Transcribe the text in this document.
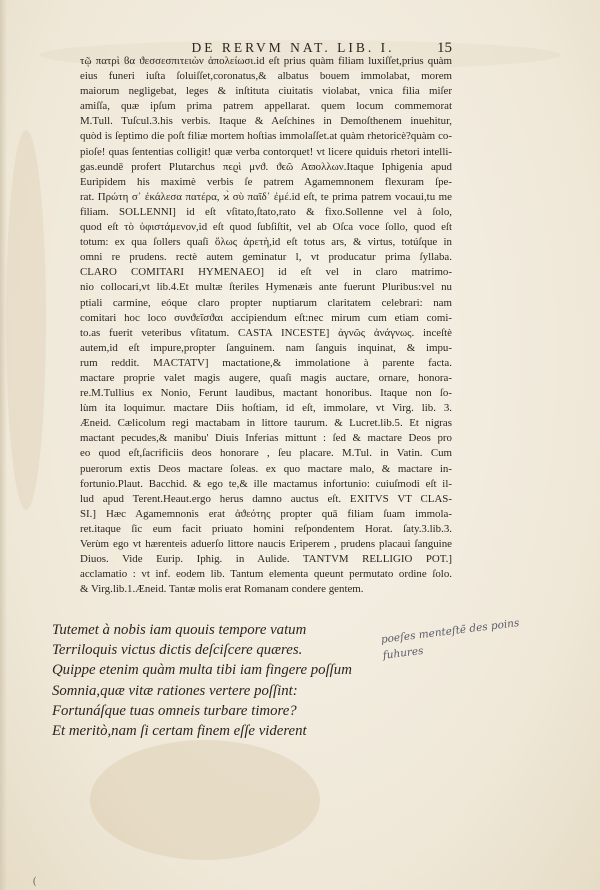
DE RERVM NAT. LIB. I.	15
τῷ πατρὶ ϐα ϑεσσεσπιτειὼν ἀπολείωσι.id eſt prius quàm filiam luxiſſet,prius quàm
eius funeri iuſta ſoluiſſet,coronatus,& albatus bouem immolabat, morem
maiorum negligebat, leges & inſtituta ciuitatis violabat, vnica filia miſer
amiſſa, quæ ipſum prima patrem appellarat. quem locum commemorat
M.Tull. Tuſcul.3.his verbis. Itaque & Aeſchines in Demoſthenem inuehitur,
quòd is ſeptimo die poſt filiæ mortem hoſtias immolaſſet.at quàm rhetoricè?quàm co-
pioſe! quas ſententias colligit! quæ verba contorquet! vt licere quiduis rhetori intelli-
gas.eundē profert Plutarchus πϵϱὶ μνϑ. ϑϵῶ Αϖολλων.Itaque Iphigenia apud
Euripidem his maximè verbis ſe patrem Agamemnonem flexuram ſpe-
rat. Πρώτη σ᾽ ἐκάλεσα πατέρα, ϰ̀ σὺ παῖδ᾽ ἐμέ.id eſt, te prima patrem vocaui,tu me
filiam. SOLLENNI] id eſt vſitato,ſtato,rato & fixo.Sollenne vel à ſolo,
quod eſt τὸ ὑφιστάμενον,id eſt quod ſubſiſtit, vel ab Oſca voce ſollo, quod eſt
totum: ex qua ſollers quaſi ὅλως ἀρετὴ,id eſt totus ars, & virtus, totúſque in
omni re prudens. rectè autem geminatur l, vt producatur prima ſyllaba.
CLARO COMITARI HYMENAEO] id eſt vel in claro matrimo-
nio collocari,vt lib.4.Et multæ ſteriles Hymenæis ante fuerunt Pluribus:vel nu
ptiali carmine, eóque claro propter nuptiarum claritatem celebrari: nam
comitari hoc loco συνϑεῖσϑαι accipiendum eſt:nec mirum cum etiam comi-
to.as fuerit veteribus vſitatum. CASTA INCESTE] ἀγνῶς ἀνάγνως. inceſtè
autem,id eſt impure,propter ſanguinem. nam ſanguis inquinat, & impu-
rum reddit. MACTATV] mactatione,& immolatione à parente facta.
mactare proprie valet magis augere, quaſi magis auctare, ornare, honora-
re.M.Tullius ex Nonio, Ferunt laudibus, mactant honoribus. Itaque non ſo-
lùm ita loquimur. mactare Diis hoſtiam, id eſt, immolare, vt Virg. lib. 3.
Æneid. Cælicolum regi mactabam in littore taurum. & Lucret.lib.5. Et nigras
mactant pecudes,& manibu' Diuis Inferias mittunt : ſed & mactare Deos pro
eo quod eſt,ſacrificiis deos honorare , ſeu placare. M.Tul. in Vatin. Cum
puerorum extis Deos mactare ſoleas. ex quo mactare malo, & mactare in-
fortunio.Plaut. Bacchid. & ego te,& ille mactamus infortunio: cuiuſmodi eſt il-
lud apud Terent.Heaut.ergo herus damno auctus eſt. EXITVS VT CLAS-
SI.] Hæc Agamemnonis erat ἀϑεότης propter quā filiam ſuam immola-
ret.itaque ſic eum facit priuato homini reſpondentem Horat. ſaty.3.lib.3.
Verùm ego vt hærenteis aduerſo littore naucis Eriperem , prudens placaui ſanguine
Diuos. Vide Eurip. Iphig. in Aulide. TANTVM RELLIGIO POT.]
acclamatio : vt inf. eodem lib. Tantum elementa queunt permutato ordine ſolo.
& Virg.lib.1.Æneid. Tantæ molis erat Romanam condere gentem.
Tutemet à nobis iam quouis tempore vatum
Terriloquis victus dictis deſciſcere quæres.
Quippe etenim quàm multa tibi iam fingere poſſum
Somnia,quæ vitæ rationes vertere poſſint:
Fortunáſque tuas omneis turbare timore?
Et meritò,nam ſi certam finem eſſe viderent
poeſes menteſtẽ des poins
fuhures
(
